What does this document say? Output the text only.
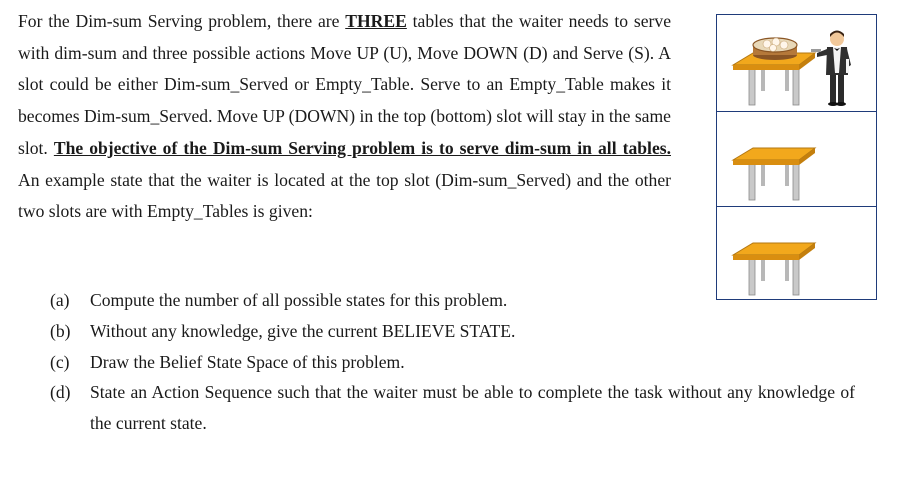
For the Dim-sum Serving problem, there are THREE tables that the waiter needs to serve with dim-sum and three possible actions Move UP (U), Move DOWN (D) and Serve (S). A slot could be either Dim-sum_Served or Empty_Table. Serve to an Empty_Table makes it becomes Dim-sum_Served. Move UP (DOWN) in the top (bottom) slot will stay in the same slot. The objective of the Dim-sum Serving problem is to serve dim-sum in all tables. An example state that the waiter is located at the top slot (Dim-sum_Served) and the other two slots are with Empty_Tables is given:

(a)	Compute the number of all possible states for this problem.
(b)	Without any knowledge, give the current BELIEVE STATE.
(c)	Draw the Belief State Space of this problem.
(d)	State an Action Sequence such that the waiter must be able to complete the task without any knowledge of the current state.
